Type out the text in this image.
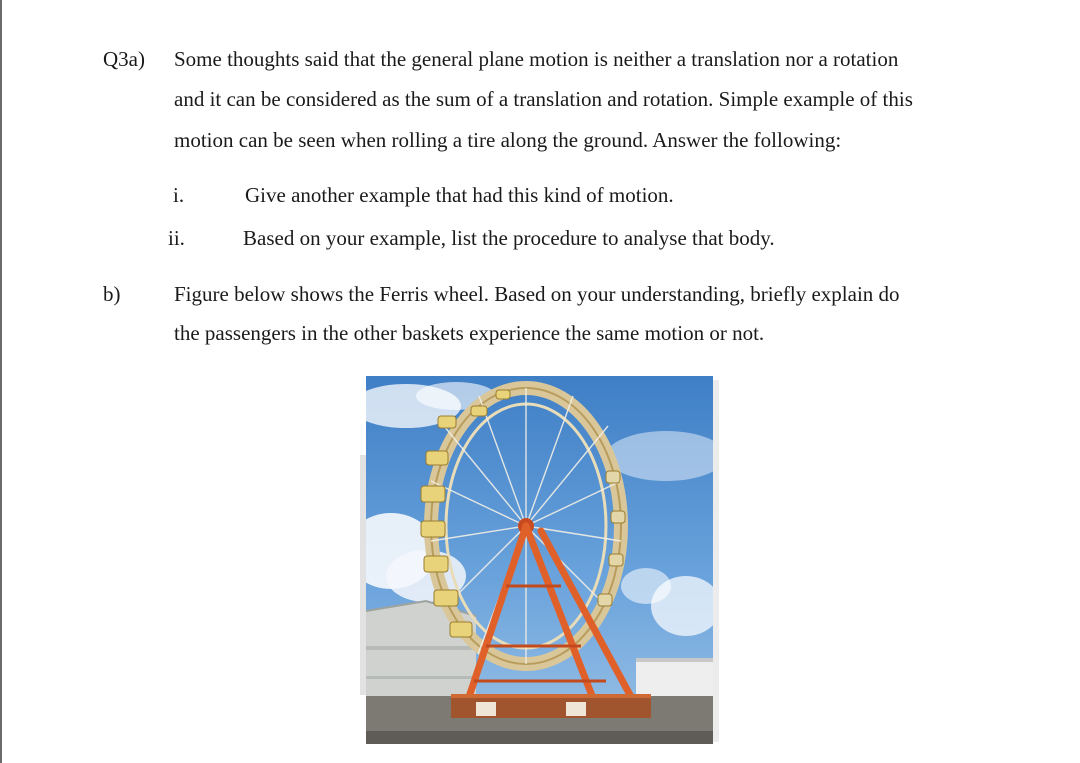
Q3a) Some thoughts said that the general plane motion is neither a translation nor a rotation
and it can be considered as the sum of a translation and rotation. Simple example of this
motion can be seen when rolling a tire along the ground. Answer the following:
i.	Give another example that had this kind of motion.
ii.	Based on your example, list the procedure to analyse that body.
b)	Figure below shows the Ferris wheel. Based on your understanding, briefly explain do
the passengers in the other baskets experience the same motion or not.
